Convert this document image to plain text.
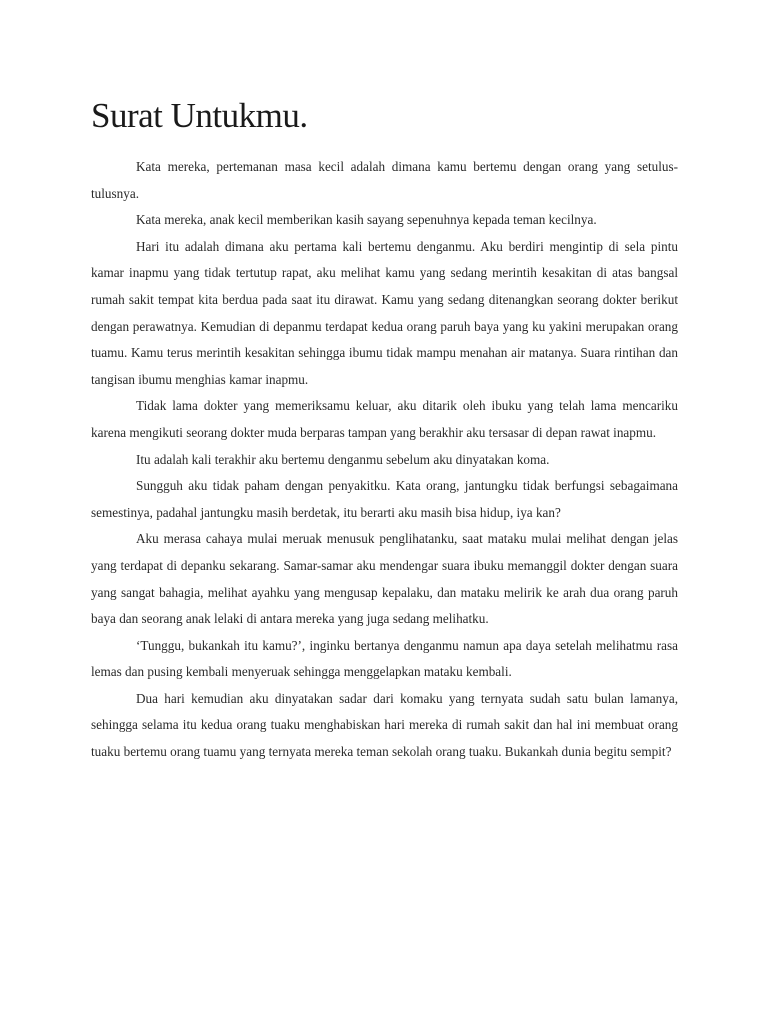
Surat Untukmu.

Kata mereka, pertemanan masa kecil adalah dimana kamu bertemu dengan orang yang setulus-tulusnya.

Kata mereka, anak kecil memberikan kasih sayang sepenuhnya kepada teman kecilnya.

Hari itu adalah dimana aku pertama kali bertemu denganmu. Aku berdiri mengintip di sela pintu kamar inapmu yang tidak tertutup rapat, aku melihat kamu yang sedang merintih kesakitan di atas bangsal rumah sakit tempat kita berdua pada saat itu dirawat. Kamu yang sedang ditenangkan seorang dokter berikut dengan perawatnya. Kemudian di depanmu terdapat kedua orang paruh baya yang ku yakini merupakan orang tuamu. Kamu terus merintih kesakitan sehingga ibumu tidak mampu menahan air matanya. Suara rintihan dan tangisan ibumu menghias kamar inapmu.

Tidak lama dokter yang memeriksamu keluar, aku ditarik oleh ibuku yang telah lama mencariku karena mengikuti seorang dokter muda berparas tampan yang berakhir aku tersasar di depan rawat inapmu.

Itu adalah kali terakhir aku bertemu denganmu sebelum aku dinyatakan koma.

Sungguh aku tidak paham dengan penyakitku. Kata orang, jantungku tidak berfungsi sebagaimana semestinya, padahal jantungku masih berdetak, itu berarti aku masih bisa hidup, iya kan?

Aku merasa cahaya mulai meruak menusuk penglihatanku, saat mataku mulai melihat dengan jelas yang terdapat di depanku sekarang. Samar-samar aku mendengar suara ibuku memanggil dokter dengan suara yang sangat bahagia, melihat ayahku yang mengusap kepalaku, dan mataku melirik ke arah dua orang paruh baya dan seorang anak lelaki di antara mereka yang juga sedang melihatku.

‘Tunggu, bukankah itu kamu?’, inginku bertanya denganmu namun apa daya setelah melihatmu rasa lemas dan pusing kembali menyeruak sehingga menggelapkan mataku kembali.

Dua hari kemudian aku dinyatakan sadar dari komaku yang ternyata sudah satu bulan lamanya, sehingga selama itu kedua orang tuaku menghabiskan hari mereka di rumah sakit dan hal ini membuat orang tuaku bertemu orang tuamu yang ternyata mereka teman sekolah orang tuaku. Bukankah dunia begitu sempit?
